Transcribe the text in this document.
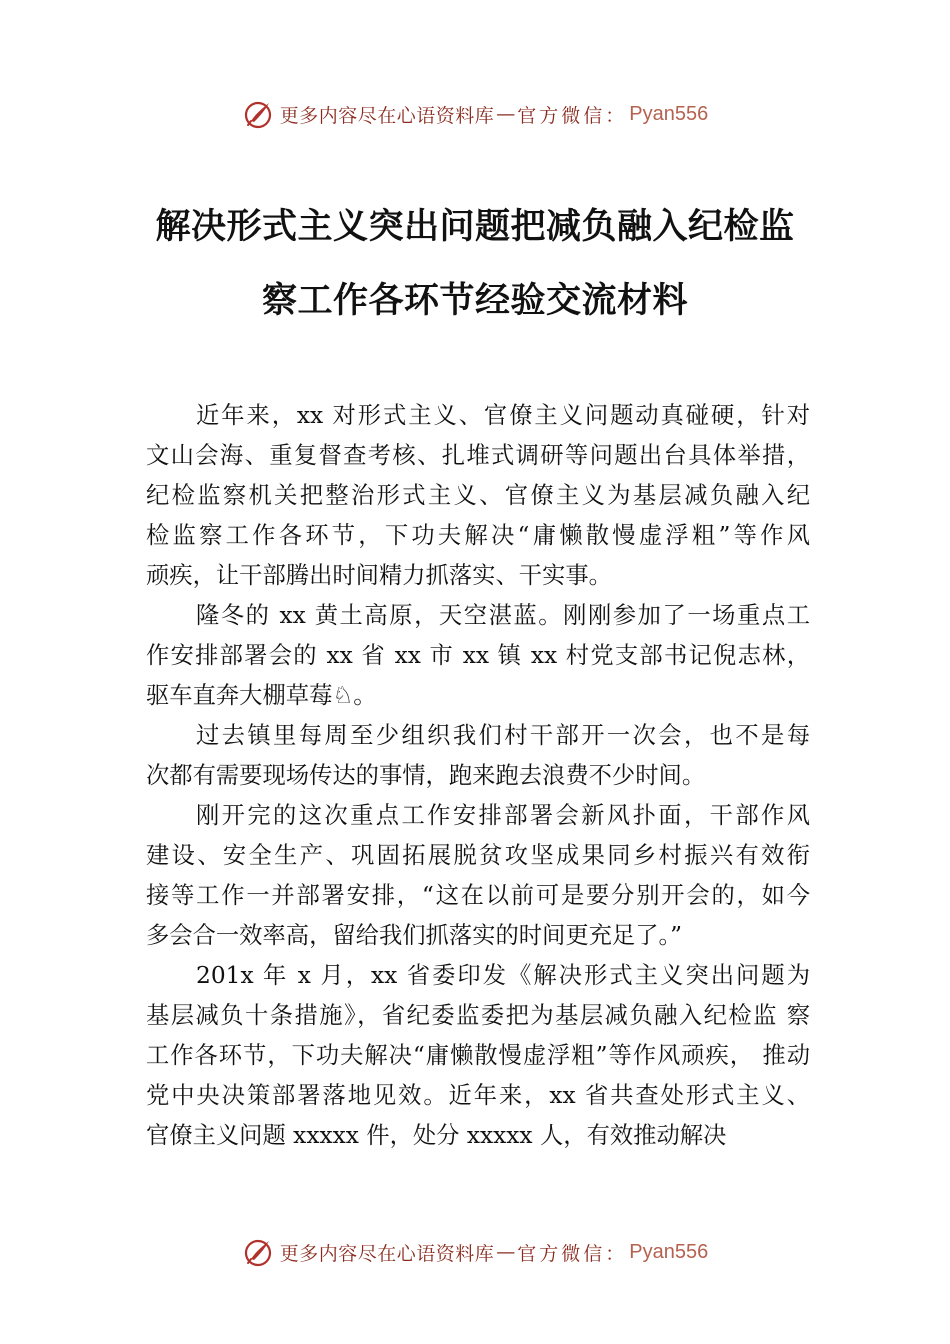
更多内容尽在心语资料库 — 官方微信： Pyan556
解决形式主义突出问题把减负融入纪检监
察工作各环节经验交流材料
近年来，xx 对形式主义、官僚主义问题动真碰硬，针对
文山会海、重复督查考核、扎堆式调研等问题出台具体举措，
纪检监察机关把整治形式主义、官僚主义为基层减负融入纪
检监察工作各环节，下功夫解决“庸懒散慢虚浮粗”等作风
顽疾，让干部腾出时间精力抓落实、干实事。
隆冬的 xx 黄土高原，天空湛蓝。刚刚参加了一场重点工
作安排部署会的 xx 省 xx 市 xx 镇 xx 村党支部书记倪志林，
驱车直奔大棚草莓♘。
过去镇里每周至少组织我们村干部开一次会，也不是每
次都有需要现场传达的事情，跑来跑去浪费不少时间。
刚开完的这次重点工作安排部署会新风扑面，干部作风
建设、安全生产、巩固拓展脱贫攻坚成果同乡村振兴有效衔
接等工作一并部署安排，“这在以前可是要分别开会的，如今
多会合一效率高，留给我们抓落实的时间更充足了。”
201x 年 x 月，xx 省委印发《解决形式主义突出问题为
基层减负十条措施》，省纪委监委把为基层减负融入纪检监 察
工作各环节，下功夫解决“庸懒散慢虚浮粗”等作风顽疾， 推动
党中央决策部署落地见效。近年来，xx 省共查处形式主义、
官僚主义问题 xxxxx 件，处分 xxxxx 人，有效推动解决
更多内容尽在心语资料库 — 官方微信： Pyan556
